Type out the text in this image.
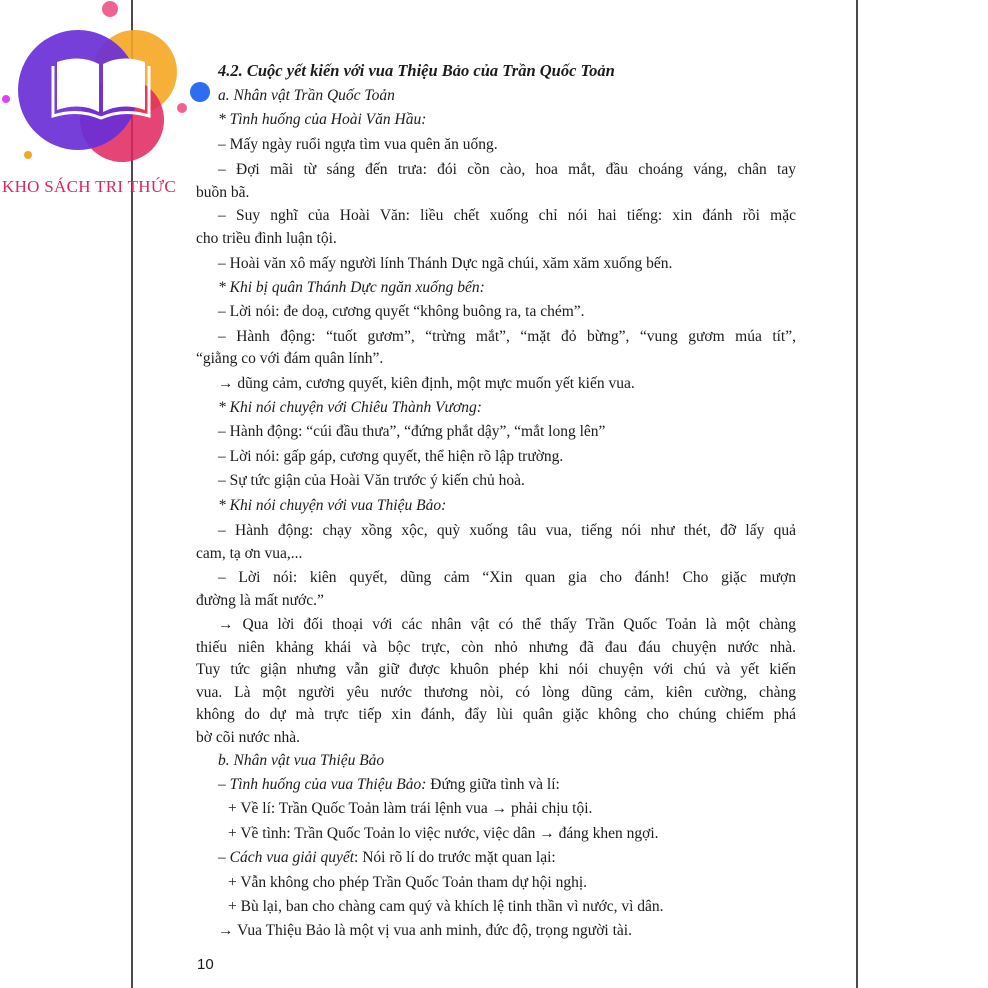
KHO SÁCH TRI THỨC
4.2. Cuộc yết kiến với vua Thiệu Bảo của Trần Quốc Toản
a. Nhân vật Trần Quốc Toản
* Tình huống của Hoài Văn Hầu:
– Mấy ngày ruổi ngựa tìm vua quên ăn uống.
– Đợi mãi từ sáng đến trưa: đói cồn cào, hoa mắt, đầu choáng váng, chân tay
buồn bã.
– Suy nghĩ của Hoài Văn: liều chết xuống chỉ nói hai tiếng: xin đánh rồi mặc
cho triều đình luận tội.
– Hoài văn xô mấy người lính Thánh Dực ngã chúi, xăm xăm xuống bến.
* Khi bị quân Thánh Dực ngăn xuống bến:
– Lời nói: đe doạ, cương quyết “không buông ra, ta chém”.
– Hành động: “tuốt gươm”, “trừng mắt”, “mặt đỏ bừng”, “vung gươm múa tít”,
“giằng co với đám quân lính”.
→ dũng cảm, cương quyết, kiên định, một mực muốn yết kiến vua.
* Khi nói chuyện với Chiêu Thành Vương:
– Hành động: “cúi đầu thưa”, “đứng phắt dậy”, “mắt long lên”
– Lời nói: gấp gáp, cương quyết, thể hiện rõ lập trường.
– Sự tức giận của Hoài Văn trước ý kiến chủ hoà.
* Khi nói chuyện với vua Thiệu Bảo:
– Hành động: chạy xồng xộc, quỳ xuống tâu vua, tiếng nói như thét, đỡ lấy quả
cam, tạ ơn vua,...
– Lời nói: kiên quyết, dũng cảm “Xin quan gia cho đánh! Cho giặc mượn
đường là mất nước.”
→ Qua lời đối thoại với các nhân vật có thể thấy Trần Quốc Toản là một chàng
thiếu niên khảng khái và bộc trực, còn nhỏ nhưng đã đau đáu chuyện nước nhà.
Tuy tức giận nhưng vẫn giữ được khuôn phép khi nói chuyện với chú và yết kiến
vua. Là một người yêu nước thương nòi, có lòng dũng cảm, kiên cường, chàng
không do dự mà trực tiếp xin đánh, đẩy lùi quân giặc không cho chúng chiếm phá
bờ cõi nước nhà.
b. Nhân vật vua Thiệu Bảo
– Tình huống của vua Thiệu Bảo: Đứng giữa tình và lí:
+ Về lí: Trần Quốc Toản làm trái lệnh vua → phải chịu tội.
+ Về tình: Trần Quốc Toản lo việc nước, việc dân → đáng khen ngợi.
– Cách vua giải quyết: Nói rõ lí do trước mặt quan lại:
+ Vẫn không cho phép Trần Quốc Toản tham dự hội nghị.
+ Bù lại, ban cho chàng cam quý và khích lệ tinh thần vì nước, vì dân.
→ Vua Thiệu Bảo là một vị vua anh minh, đức độ, trọng người tài.
10
